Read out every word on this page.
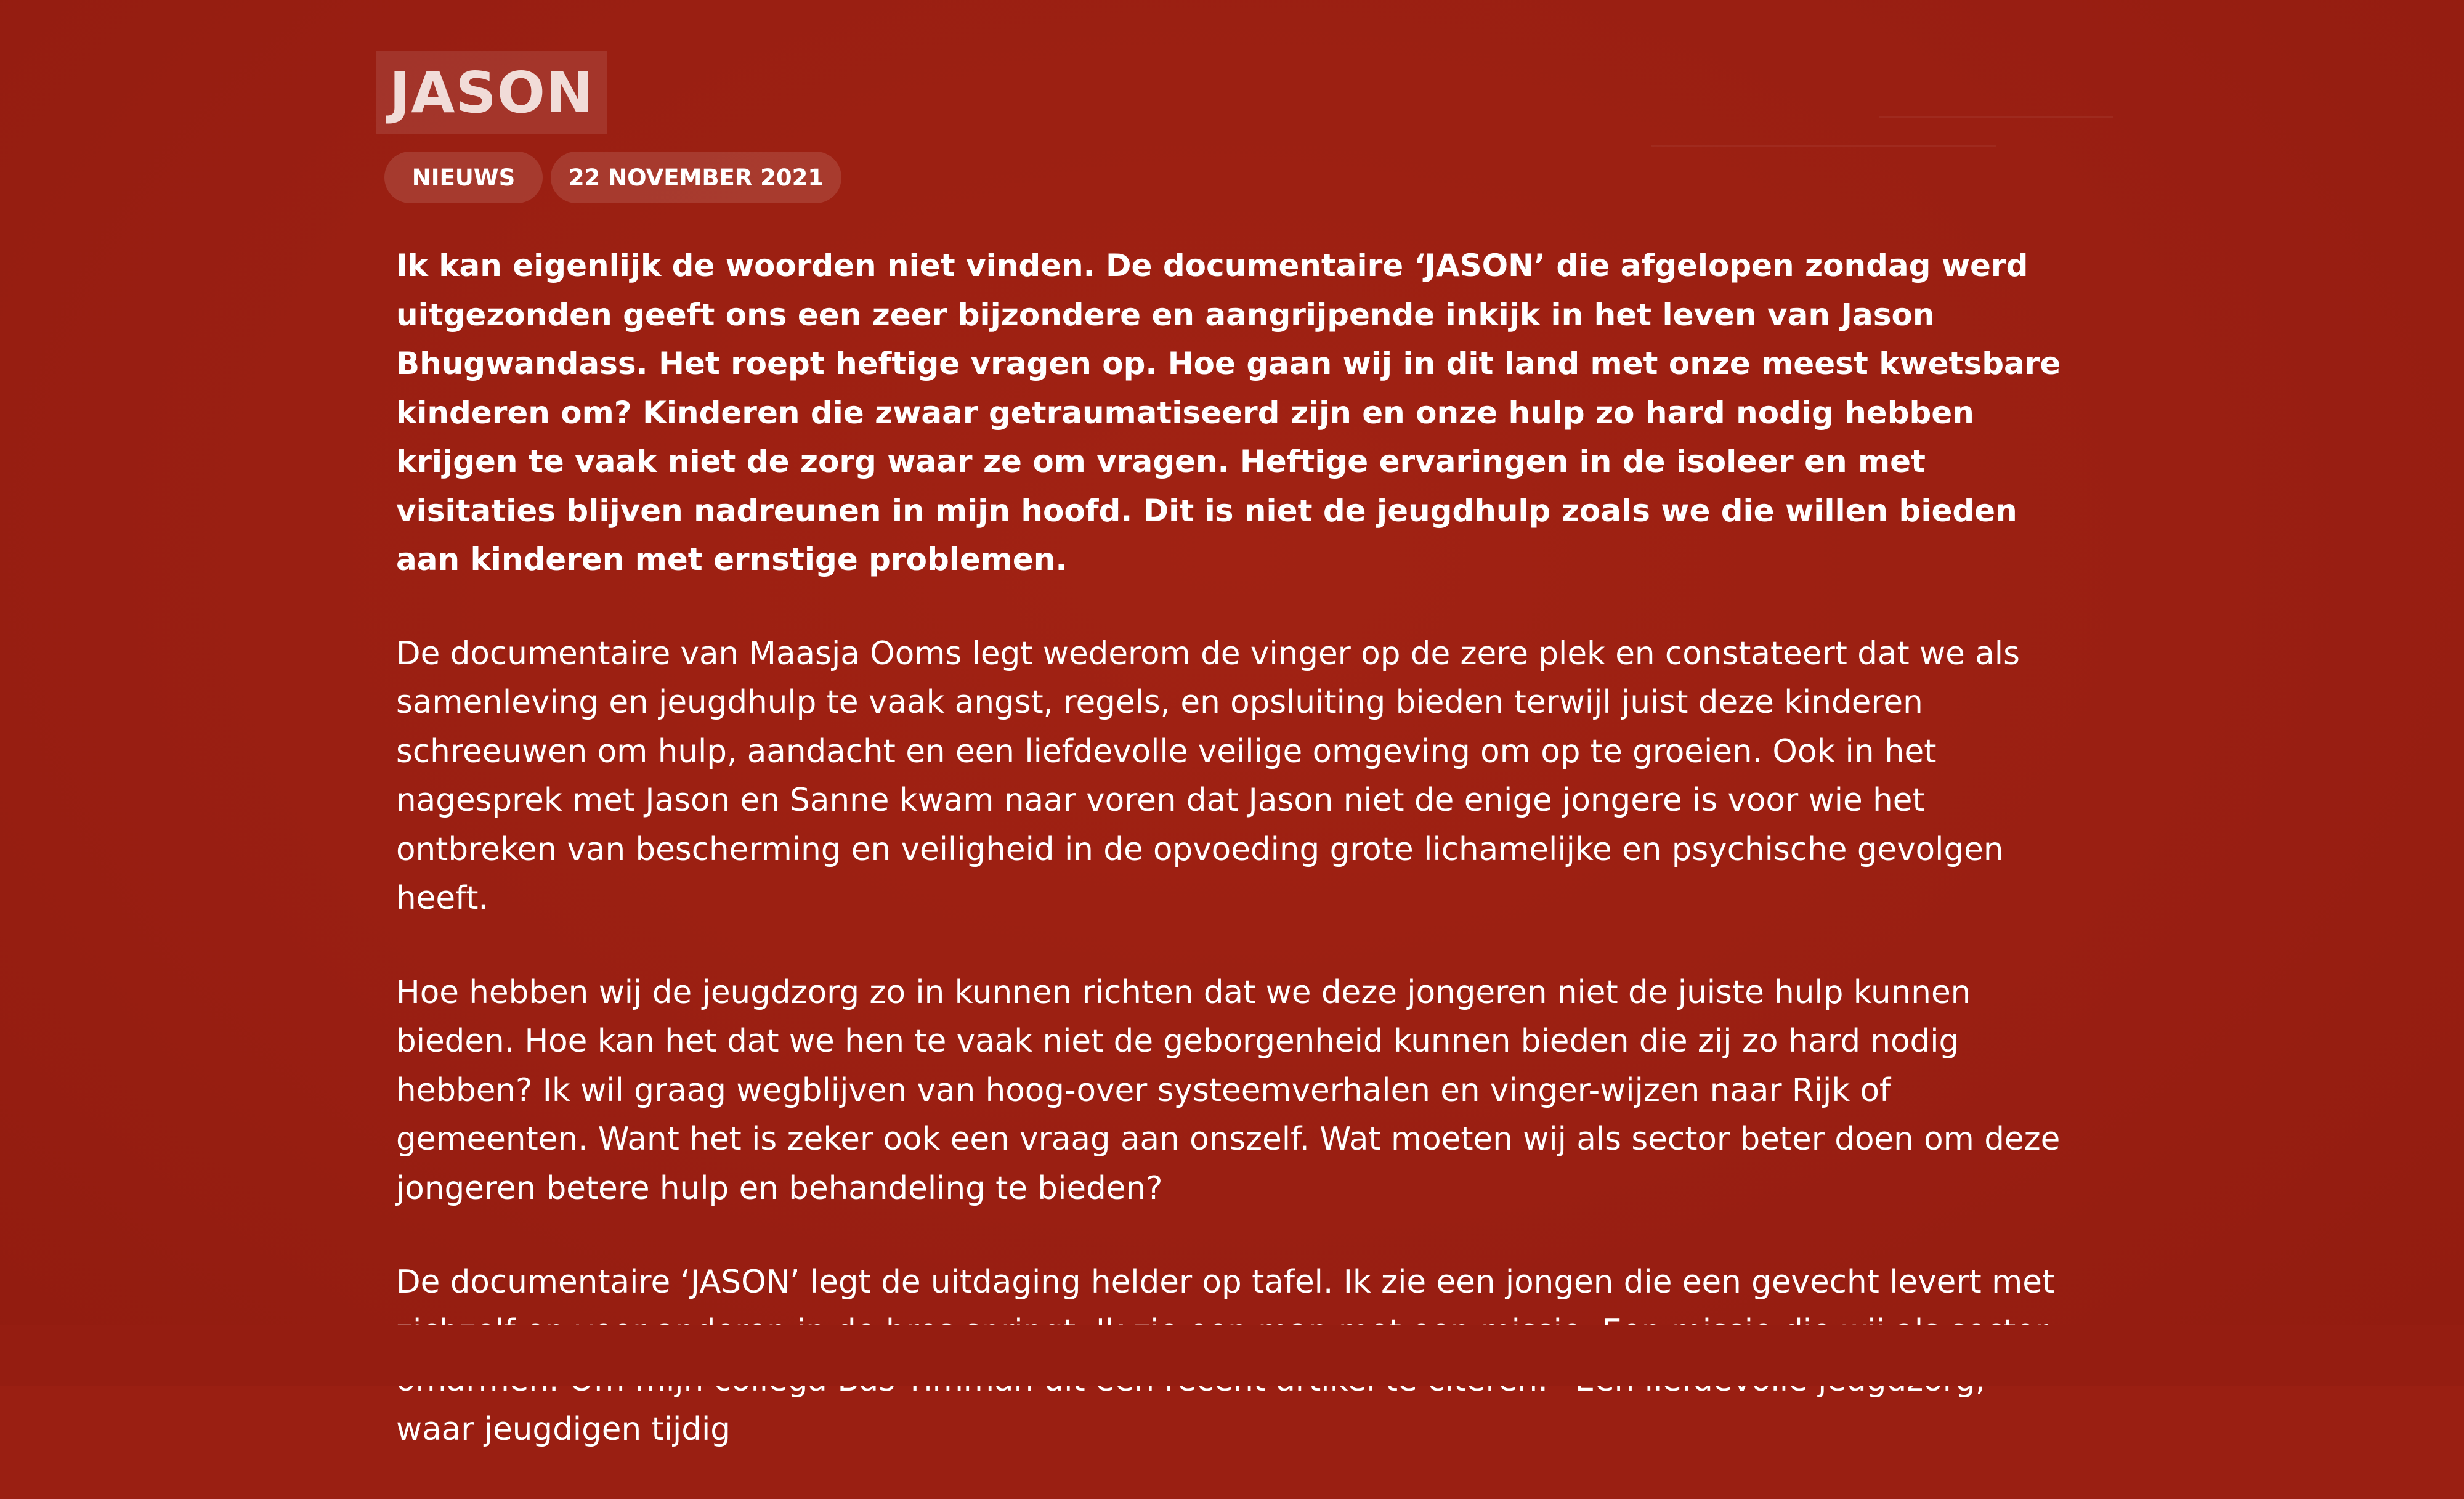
JASON
NIEUWS 22 NOVEMBER 2021

Ik kan eigenlijk de woorden niet vinden. De documentaire ‘JASON’ die afgelopen zondag werd uitgezonden geeft ons een zeer bijzondere en aangrijpende inkijk in het leven van Jason Bhugwandass. Het roept heftige vragen op. Hoe gaan wij in dit land met onze meest kwetsbare kinderen om? Kinderen die zwaar getraumatiseerd zijn en onze hulp zo hard nodig hebben krijgen te vaak niet de zorg waar ze om vragen. Heftige ervaringen in de isoleer en met visitaties blijven nadreunen in mijn hoofd. Dit is niet de jeugdhulp zoals we die willen bieden aan kinderen met ernstige problemen.

De documentaire van Maasja Ooms legt wederom de vinger op de zere plek en constateert dat we als samenleving en jeugdhulp te vaak angst, regels, en opsluiting bieden terwijl juist deze kinderen schreeuwen om hulp, aandacht en een liefdevolle veilige omgeving om op te groeien. Ook in het nagesprek met Jason en Sanne kwam naar voren dat Jason niet de enige jongere is voor wie het ontbreken van bescherming en veiligheid in de opvoeding grote lichamelijke en psychische gevolgen heeft.

Hoe hebben wij de jeugdzorg zo in kunnen richten dat we deze jongeren niet de juiste hulp kunnen bieden. Hoe kan het dat we hen te vaak niet de geborgenheid kunnen bieden die zij zo hard nodig hebben? Ik wil graag wegblijven van hoog-over systeemverhalen en vinger-wijzen naar Rijk of gemeenten. Want het is zeker ook een vraag aan onszelf. Wat moeten wij als sector beter doen om deze jongeren betere hulp en behandeling te bieden?

De documentaire ‘JASON’ legt de uitdaging helder op tafel. Ik zie een jongen die een gevecht levert met waar jeugdigen tijdig
